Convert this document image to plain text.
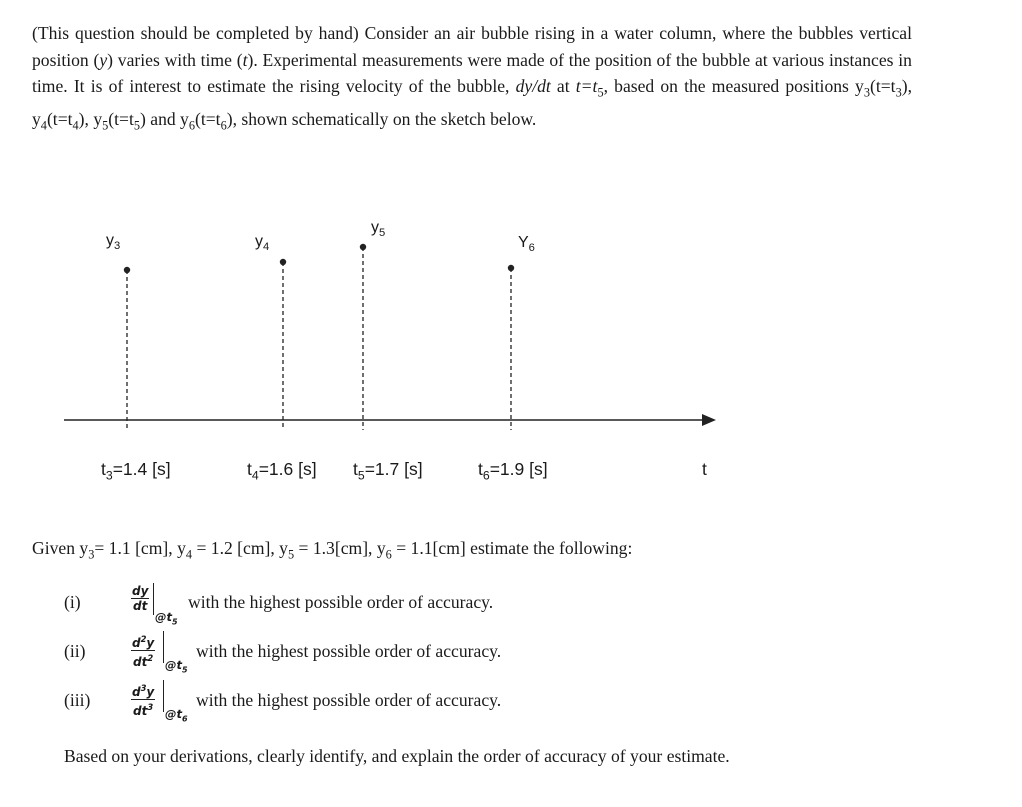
(This question should be completed by hand) Consider an air bubble rising in a water column, where the bubbles vertical position (y) varies with time (t). Experimental measurements were made of the position of the bubble at various instances in time. It is of interest to estimate the rising velocity of the bubble, dy/dt at $t=t_5$, based on the measured positions $y_3(t=t_3)$, $y_4(t=t_4)$, $y_5(t=t_5)$ and $y_6(t=t_6)$, shown schematically on the sketch below.
$y_3$	$y_4$
$y_5$
$Y_6$
$t_3=1.4$ [s]	$t_4=1.6$ [s] $t_5=1.7$ [s]	$t_6=1.9$ [s]	t
Given $y_3= 1.1$ [cm], $y_4 = 1.2$ [cm], $y_5 = 1.3[cm]$, $y_6 = 1.1[cm]$ estimate the following:
(i)	$\frac{dy}{dt}$
$@t_5$
with the highest possible order of accuracy.
(ii)	$\frac{d^2y}{dt^2}$ $@t_5$
with the highest possible order of accuracy.
(iii)	$\frac{d^3y}{dt^3}$ $@t_6$
with the highest possible order of accuracy.
Based on your derivations, clearly identify, and explain the order of accuracy of your estimate.
